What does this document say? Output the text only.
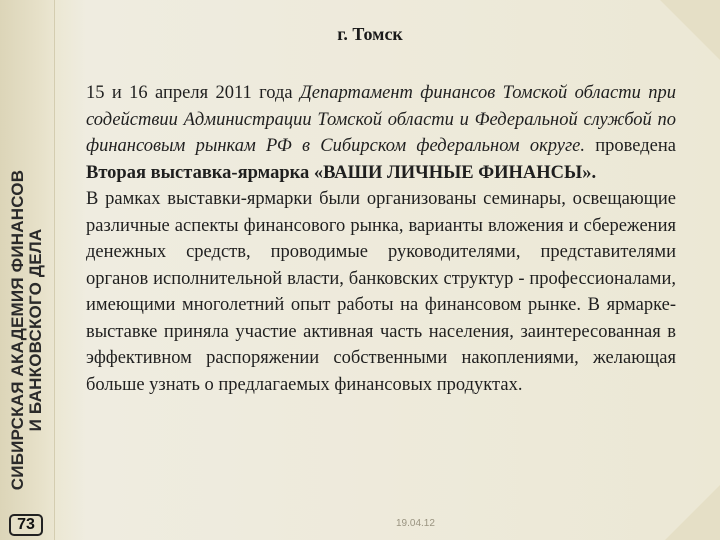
СИБИРСКАЯ АКАДЕМИЯ ФИНАНСОВ И БАНКОВСКОГО ДЕЛА
73
г. Томск
15 и 16 апреля 2011 года Департамент финансов Томской области при содействии Администрации Томской области и Федеральной службой по финансовым рынкам РФ в Сибирском федеральном округе. проведена Вторая выставка-ярмарка «ВАШИ ЛИЧНЫЕ ФИНАНСЫ».
В рамках выставки-ярмарки были организованы семинары, освещающие различные аспекты финансового рынка, варианты вложения и сбережения денежных средств, проводимые руководителями, представителями органов исполнительной власти, банковских структур - профессионалами, имеющими многолетний опыт работы на финансовом рынке. В ярмарке-выставке приняла участие активная часть населения, заинтересованная в эффективном распоряжении собственными накоплениями, желающая больше узнать о предлагаемых финансовых продуктах.
19.04.12
